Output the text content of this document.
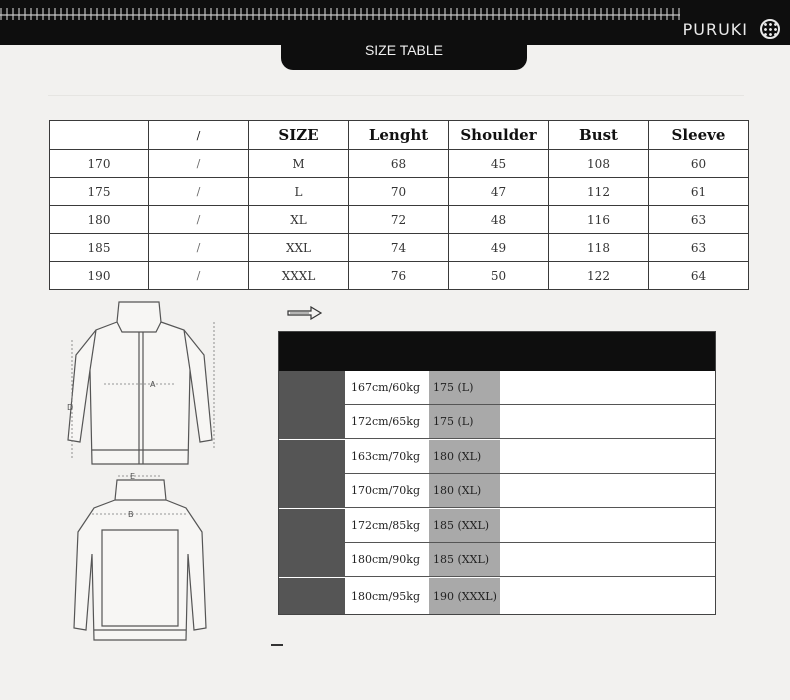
PURUKI
SIZE TABLE
	/	SIZE	Lenght	Shoulder	Bust	Sleeve
170	/	M	68	45	108	60
175	/	L	70	47	112	61
180	/	XL	72	48	116	63
185	/	XXL	74	49	118	63
190	/	XXXL	76	50	122	64
A
D
E
B
167cm/60kg	175 (L)
172cm/65kg	175 (L)
163cm/70kg	180 (XL)
170cm/70kg	180 (XL)
172cm/85kg	185 (XXL)
180cm/90kg	185 (XXL)
180cm/95kg	190 (XXXL)
